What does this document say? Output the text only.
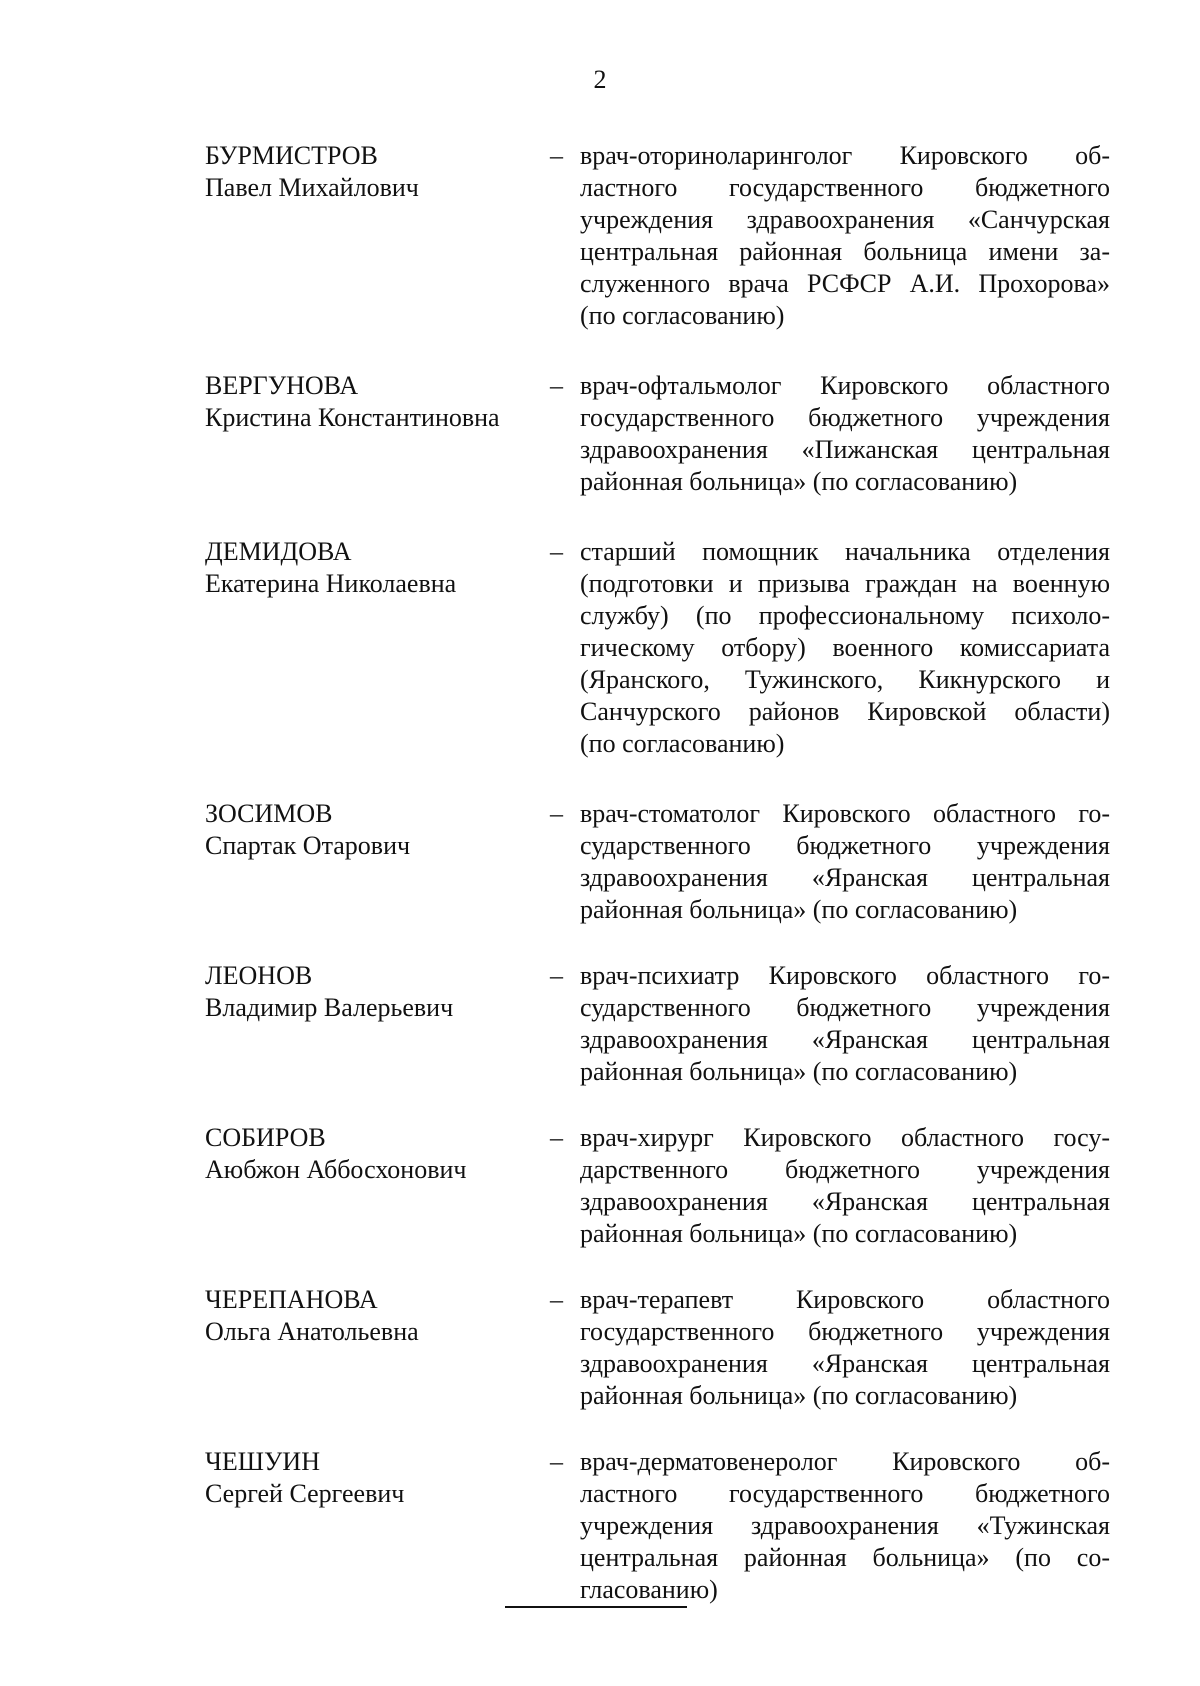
2
БУРМИСТРОВ
Павел Михайлович
– врач-оториноларинголог Кировского об-
ластного государственного бюджетного
учреждения здравоохранения «Санчурская
центральная районная больница имени за-
служенного врача РСФСР А.И. Прохорова»
(по согласованию)
ВЕРГУНОВА
Кристина Константиновна
– врач-офтальмолог Кировского областного
государственного бюджетного учреждения
здравоохранения «Пижанская центральная
районная больница» (по согласованию)
ДЕМИДОВА
Екатерина Николаевна
– старший помощник начальника отделения
(подготовки и призыва граждан на военную
службу) (по профессиональному психоло-
гическому отбору) военного комиссариата
(Яранского, Тужинского, Кикнурского и
Санчурского районов Кировской области)
(по согласованию)
ЗОСИМОВ
Спартак Отарович
– врач-стоматолог Кировского областного го-
сударственного бюджетного учреждения
здравоохранения «Яранская центральная
районная больница» (по согласованию)
ЛЕОНОВ
Владимир Валерьевич
– врач-психиатр Кировского областного го-
сударственного бюджетного учреждения
здравоохранения «Яранская центральная
районная больница» (по согласованию)
СОБИРОВ
Аюбжон Аббосхонович
– врач-хирург Кировского областного госу-
дарственного бюджетного учреждения
здравоохранения «Яранская центральная
районная больница» (по согласованию)
ЧЕРЕПАНОВА
Ольга Анатольевна
– врач-терапевт Кировского областного
государственного бюджетного учреждения
здравоохранения «Яранская центральная
районная больница» (по согласованию)
ЧЕШУИН
Сергей Сергеевич
– врач-дерматовенеролог Кировского об-
ластного государственного бюджетного
учреждения здравоохранения «Тужинская
центральная районная больница» (по со-
гласованию)
